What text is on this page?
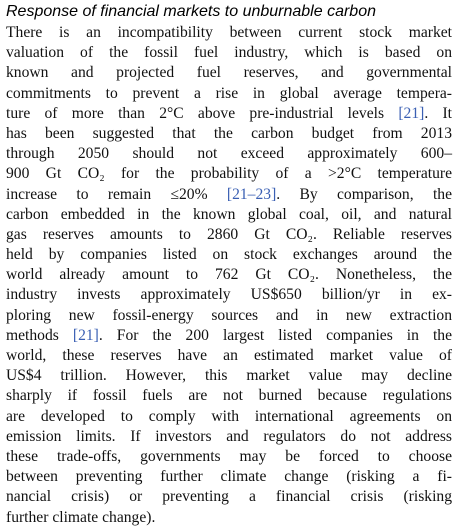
Response of financial markets to unburnable carbon
There is an incompatibility between current stock market
valuation of the fossil fuel industry, which is based on
known and projected fuel reserves, and governmental
commitments to prevent a rise in global average tempera-
ture of more than 2°C above pre-industrial levels [21]. It
has been suggested that the carbon budget from 2013
through 2050 should not exceed approximately 600–
900 Gt CO₂ for the probability of a >2°C temperature
increase to remain ≤20% [21–23]. By comparison, the
carbon embedded in the known global coal, oil, and natural
gas reserves amounts to 2860 Gt CO₂. Reliable reserves
held by companies listed on stock exchanges around the
world already amount to 762 Gt CO₂. Nonetheless, the
industry invests approximately US$650 billion/yr in ex-
ploring new fossil-energy sources and in new extraction
methods [21]. For the 200 largest listed companies in the
world, these reserves have an estimated market value of
US$4 trillion. However, this market value may decline
sharply if fossil fuels are not burned because regulations
are developed to comply with international agreements on
emission limits. If investors and regulators do not address
these trade-offs, governments may be forced to choose
between preventing further climate change (risking a fi-
nancial crisis) or preventing a financial crisis (risking
further climate change).
